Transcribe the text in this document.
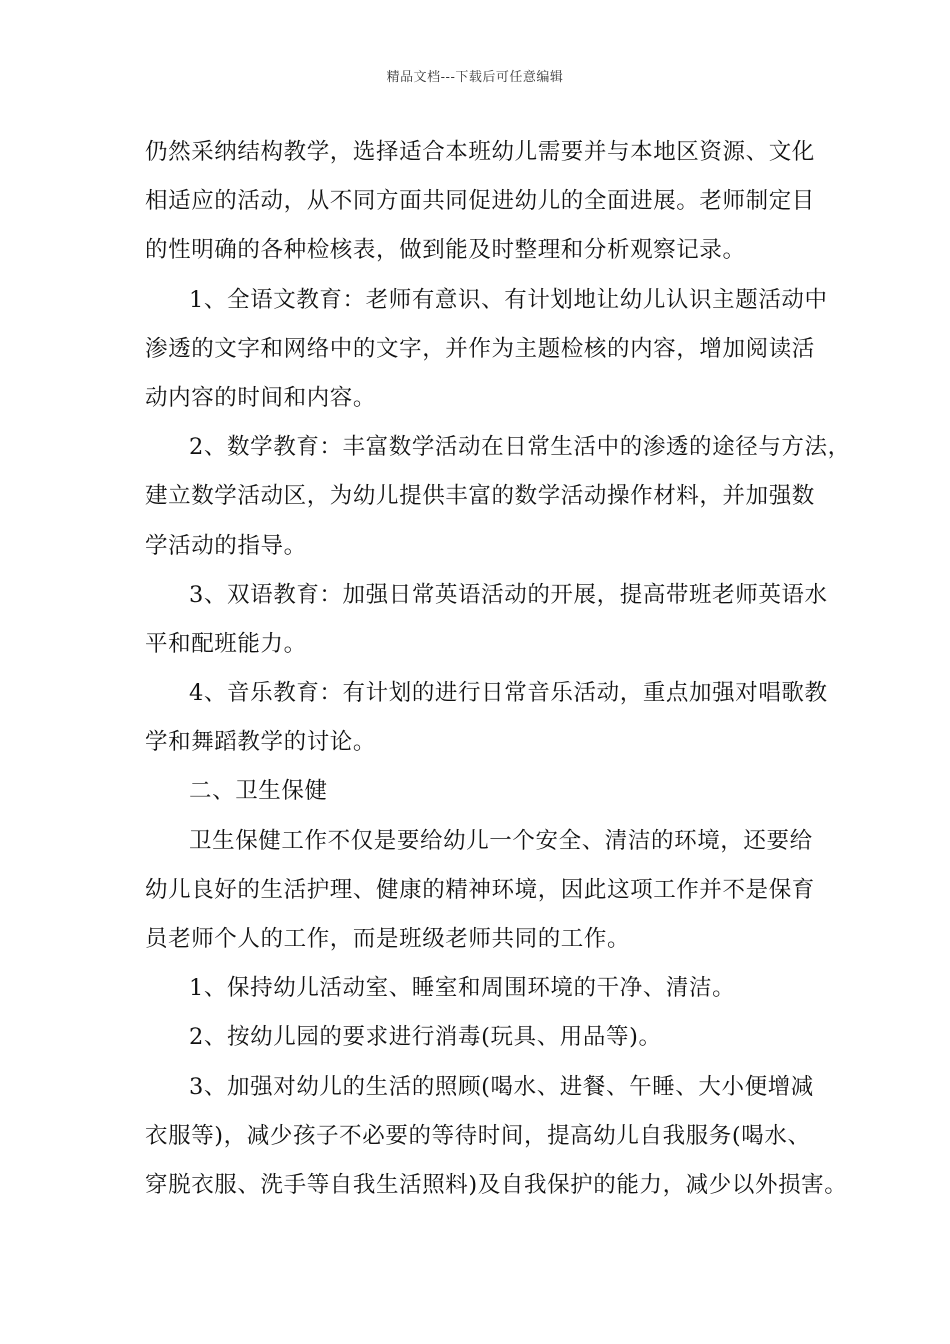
精品文档---下载后可任意编辑
仍然采纳结构教学，选择适合本班幼儿需要并与本地区资源、文化
相适应的活动，从不同方面共同促进幼儿的全面进展。老师制定目
的性明确的各种检核表，做到能及时整理和分析观察记录。
1、全语文教育：老师有意识、有计划地让幼儿认识主题活动中
渗透的文字和网络中的文字，并作为主题检核的内容，增加阅读活
动内容的时间和内容。
2、数学教育：丰富数学活动在日常生活中的渗透的途径与方法，
建立数学活动区，为幼儿提供丰富的数学活动操作材料，并加强数
学活动的指导。
3、双语教育：加强日常英语活动的开展，提高带班老师英语水
平和配班能力。
4、音乐教育：有计划的进行日常音乐活动，重点加强对唱歌教
学和舞蹈教学的讨论。
二、卫生保健
卫生保健工作不仅是要给幼儿一个安全、清洁的环境，还要给
幼儿良好的生活护理、健康的精神环境，因此这项工作并不是保育
员老师个人的工作，而是班级老师共同的工作。
1、保持幼儿活动室、睡室和周围环境的干净、清洁。
2、按幼儿园的要求进行消毒(玩具、用品等)。
3、加强对幼儿的生活的照顾(喝水、进餐、午睡、大小便增减
衣服等)，减少孩子不必要的等待时间，提高幼儿自我服务(喝水、
穿脱衣服、洗手等自我生活照料)及自我保护的能力，减少以外损害。
